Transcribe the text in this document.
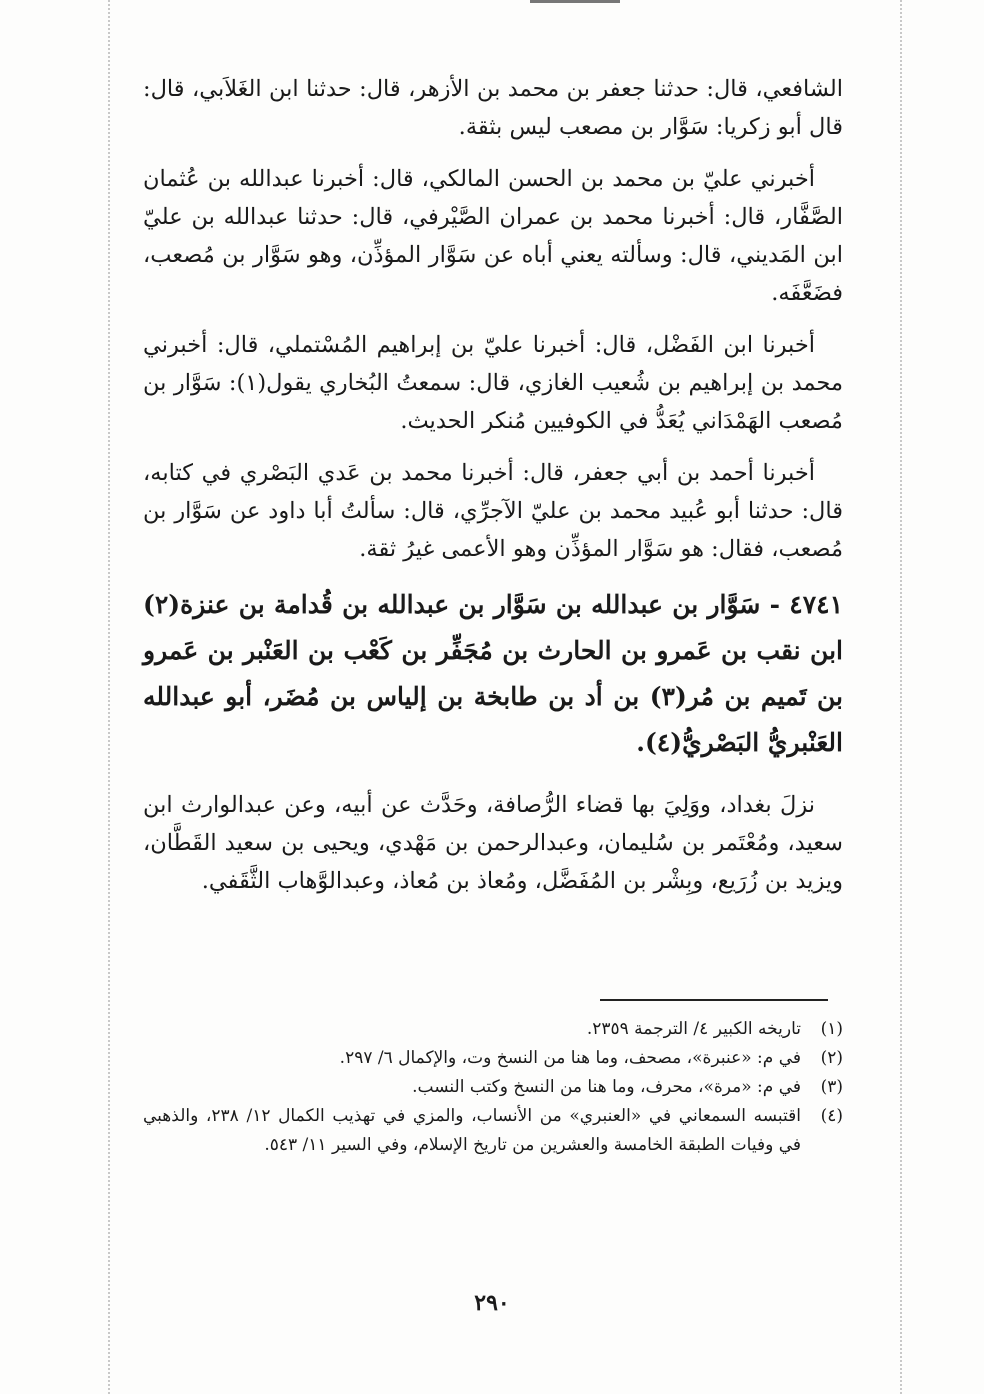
الشافعي، قال: حدثنا جعفر بن محمد بن الأزهر، قال: حدثنا ابن الغَلاَبي، قال: قال أبو زكريا: سَوَّار بن مصعب ليس بثقة.

أخبرني عليّ بن محمد بن الحسن المالكي، قال: أخبرنا عبدالله بن عُثمان الصَّفَّار، قال: أخبرنا محمد بن عمران الصَّيْرفي، قال: حدثنا عبدالله بن عليّ ابن المَديني، قال: وسألته يعني أباه عن سَوَّار المؤذِّن، وهو سَوَّار بن مُصعب، فضَعَّفَه.

أخبرنا ابن الفَضْل، قال: أخبرنا عليّ بن إبراهيم المُسْتملي، قال: أخبرني محمد بن إبراهيم بن شُعيب الغازي، قال: سمعتُ البُخاري يقول(١): سَوَّار بن مُصعب الهَمْدَاني يُعَدُّ في الكوفيين مُنكر الحديث.

أخبرنا أحمد بن أبي جعفر، قال: أخبرنا محمد بن عَدي البَصْري في كتابه، قال: حدثنا أبو عُبيد محمد بن عليّ الآجرِّي، قال: سألتُ أبا داود عن سَوَّار بن مُصعب، فقال: هو سَوَّار المؤذِّن وهو الأعمى غيرُ ثقة.

٤٧٤١ - سَوَّار بن عبدالله بن سَوَّار بن عبدالله بن قُدامة بن عنزة(٢) ابن نقب بن عَمرو بن الحارث بن مُجَفِّر بن كَعْب بن العَنْبر بن عَمرو بن تَميم بن مُر(٣) بن أد بن طابخة بن إلياس بن مُضَر، أبو عبدالله العَنْبريُّ البَصْريُّ(٤).

نزلَ بغداد، ووَلِيَ بها قضاء الرُّصافة، وحَدَّث عن أبيه، وعن عبدالوارث ابن سعيد، ومُعْتَمر بن سُليمان، وعبدالرحمن بن مَهْدي، ويحيى بن سعيد القَطَّان، ويزيد بن زُرَيع، وبِشْر بن المُفَضَّل، ومُعاذ بن مُعاذ، وعبدالوَّهاب الثَّقَفي.

(١)
تاريخه الكبير ٤/ الترجمة ٢٣٥٩.
(٢)
في م: «عنبرة»، مصحف، وما هنا من النسخ وت، والإكمال ٦/ ٢٩٧.
(٣)
في م: «مرة»، محرف، وما هنا من النسخ وكتب النسب.
(٤)
اقتبسه السمعاني في «العنبري» من الأنساب، والمزي في تهذيب الكمال ١٢/ ٢٣٨، والذهبي في وفيات الطبقة الخامسة والعشرين من تاريخ الإسلام، وفي السير ١١/ ٥٤٣.
٢٩٠
